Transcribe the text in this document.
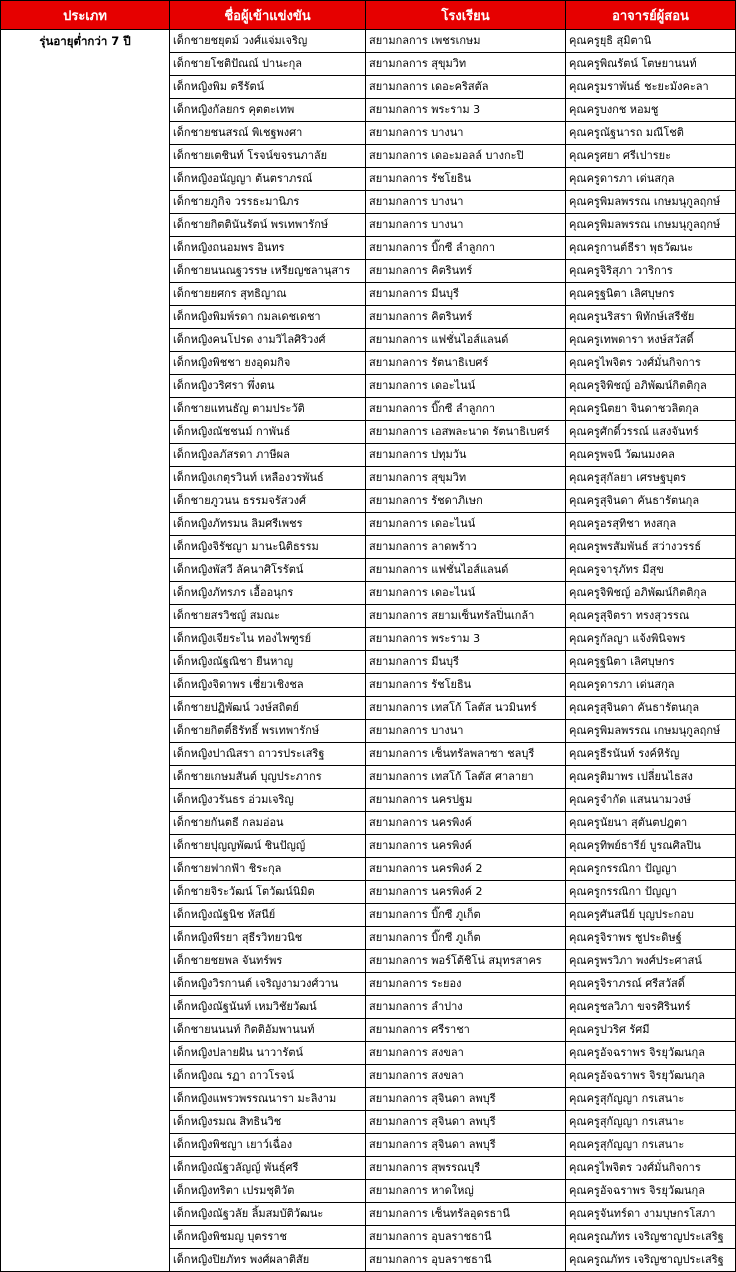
ประเภท	ชื่อผู้เข้าแข่งขัน	โรงเรียน	อาจารย์ผู้สอน
รุ่นอายุต่ำกว่า 7 ปี	เด็กชายชยุตม์ วงศ์แจ่มเจริญ	สยามกลการ เพชรเกษม	คุณครูยุธิ สุมิตานิ
	เด็กชายโชติปัณณ์ ปานะกุล	สยามกลการ สุขุมวิท	คุณครูพิณรัตน์ โตษยานนท์
	เด็กหญิงพิม ตรีรัตน์	สยามกลการ เดอะคริสตัล	คุณครูมราพันธ์ ชะยะมังคะลา
	เด็กหญิงกัลยกร คุตตะเทพ	สยามกลการ พระราม 3	คุณครูบงกช หอมชู
	เด็กชายชนสรณ์ พิเชฐพงศา	สยามกลการ บางนา	คุณครูณัฐนารถ มณีโชติ
	เด็กชายเตชินท์ โรจน์ขจรนภาลัย	สยามกลการ เดอะมอลล์ บางกะปิ	คุณครูศยา ศรีเปารยะ
	เด็กหญิงอนัญญา ต้นตราภรณ์	สยามกลการ รัชโยธิน	คุณครูดารภา เด่นสกุล
	เด็กชายภูกิจ วรรธะมานิภร	สยามกลการ บางนา	คุณครูพิมลพรรณ เกษมนุกูลฤกษ์
	เด็กชายกิตตินันรัตน์ พรเทพารักษ์	สยามกลการ บางนา	คุณครูพิมลพรรณ เกษมนุกูลฤกษ์
	เด็กหญิงถนอมพร อินทร	สยามกลการ บิ๊กซี ลำลูกกา	คุณครูกานต์ธีรา พุธวัฒนะ
	เด็กชายนนณฐวรรษ เหรียญชลานุสาร	สยามกลการ คิตรินทร์	คุณครูจิริสุภา วาริการ
	เด็กชายยศกร สุทธิญาณ	สยามกลการ มีนบุรี	คุณครูฐนิตา เลิศบุษกร
	เด็กหญิงพิมพ์รดา กมลเดชเดชา	สยามกลการ คิตรินทร์	คุณครูนริสรา พิทักษ์เสรีชัย
	เด็กหญิงคนโปรด งามวิไลศิริวงศ์	สยามกลการ แฟชั่นไอส์แลนด์	คุณครูเทพดารา หงษ์สวัสดิ์
	เด็กหญิงพิชชา ยงอุดมกิจ	สยามกลการ รัตนาธิเบศร์	คุณครูไพจิตร วงศ์มั่นกิจการ
	เด็กหญิงวริศรา พึ่งตน	สยามกลการ เดอะไนน์	คุณครูจิพิชญ์ อภิพัฒน์กิตติกุล
	เด็กชายแทนธัญ ตามประวัติ	สยามกลการ บิ๊กซี ลำลูกกา	คุณครูนิตยา จินดาชวลิตกุล
	เด็กหญิงณัชชนม์ กาพันธ์	สยามกลการ เอสพละนาด รัตนาธิเบศร์	คุณครูศักดิ์วรรณ์ แสงจันทร์
	เด็กหญิงลภัสรดา ภาษีผล	สยามกลการ ปทุมวัน	คุณครูพจนี วัฒนมงคล
	เด็กหญิงเกตุรวินท์ เหลืองวรพันธ์	สยามกลการ สุขุมวิท	คุณครูสุกัลยา เศรษฐบุตร
	เด็กชายภูวนน ธรรมจรัสวงศ์	สยามกลการ รัชดาภิเษก	คุณครูสุจินดา คันธารัตนกุล
	เด็กหญิงภัทรมน ลิมศรีเพชร	สยามกลการ เดอะไนน์	คุณครูอรสุทิชา หงสกุล
	เด็กหญิงจิรัชญา มานะนิติธรรม	สยามกลการ ลาดพร้าว	คุณครูพรสัมพันธ์ สว่างวรรธ์
	เด็กหญิงพัสวี ลัคนาศิโรรัตน์	สยามกลการ แฟชั่นไอส์แลนด์	คุณครูจารุภัทร มีสุข
	เด็กหญิงภัทรภร เอื้ออนุกร	สยามกลการ เดอะไนน์	คุณครูจิพิชญ์ อภิพัฒน์กิตติกุล
	เด็กชายสรวิชญ์ สมณะ	สยามกลการ สยามเซ็นทรัลปิ่นเกล้า	คุณครูสุจิตรา ทรงสุวรรณ
	เด็กหญิงเจียระไน ทองไพฑูรย์	สยามกลการ พระราม 3	คุณครูกัลญา แจ้งพินิจพร
	เด็กหญิงณัฐณิชา ยืนหาญ	สยามกลการ มีนบุรี	คุณครูฐนิตา เลิศบุษกร
	เด็กหญิงจิดาพร เชี่ยวเชิงชล	สยามกลการ รัชโยธิน	คุณครูดารภา เด่นสกุล
	เด็กชายปฏิพัฒน์ วงษ์สถิตย์	สยามกลการ เทสโก้ โลตัส นวมินทร์	คุณครูสุจินดา คันธารัตนกุล
	เด็กชายกิตติ์ธิรัทธิ์ พรเทพารักษ์	สยามกลการ บางนา	คุณครูพิมลพรรณ เกษมนุกูลฤกษ์
	เด็กหญิงปาณิสรา ถาวรประเสริฐ	สยามกลการ เซ็นทรัลพลาซา ชลบุรี	คุณครูธีรนันท์ รงค์หิรัญ
	เด็กชายเกษมสันต์ บุญประภากร	สยามกลการ เทสโก้ โลตัส ศาลายา	คุณครูติมาพร เปลี่ยนไธสง
	เด็กหญิงวรันธร อ่วมเจริญ	สยามกลการ นครปฐม	คุณครูจำกัด แสนนามวงษ์
	เด็กชายกันตธี กลมอ่อน	สยามกลการ นครพิงค์	คุณครูนัยนา สุตันตปฎตา
	เด็กชายปุญญพัฒน์ ชินปัญญ์	สยามกลการ นครพิงค์	คุณครูทิพย์ธารีย์ บูรณศิลปิน
	เด็กชายฟากฟ้า ชิระกุล	สยามกลการ นครพิงค์ 2	คุณครูกรรณิกา ปัญญา
	เด็กชายจิระวัฒน์ โตวัฒน์นิมิต	สยามกลการ นครพิงค์ 2	คุณครูกรรณิกา ปัญญา
	เด็กหญิงณัฐนิช หัสนีย์	สยามกลการ บิ๊กซี ภูเก็ต	คุณครูศันสนีย์ บุญประกอบ
	เด็กหญิงพีรยา สุธีรวิทยวนิช	สยามกลการ บิ๊กซี ภูเก็ต	คุณครูจิราพร ชูประดิษฐ์
	เด็กชายชยพล จันทร์พร	สยามกลการ พอร์โต้ชิโน่ สมุทรสาคร	คุณครูพรวิภา พงศ์ประศาสน์
	เด็กหญิงวิรกานต์ เจริญงามวงศ์วาน	สยามกลการ ระยอง	คุณครูจิราภรณ์ ศรีสวัสดิ์
	เด็กหญิงณัฐนันท์ เหมวิชัยวัฒน์	สยามกลการ ลำปาง	คุณครูชลวิภา ขจรศิรินทร์
	เด็กชายนนนท์ กิตติอัมพานนท์	สยามกลการ ศรีราชา	คุณครูปวริศ รัศมี
	เด็กหญิงปลายฝัน นาวารัตน์	สยามกลการ สงขลา	คุณครูอัจฉราพร จิรยุวัฒนกุล
	เด็กหญิงณ รฏา ถาวโรจน์	สยามกลการ สงขลา	คุณครูอัจฉราพร จิรยุวัฒนกุล
	เด็กหญิงแพรวพรรณนารา มะลิงาม	สยามกลการ สุจินดา ลพบุรี	คุณครูสุกัญญา กรเสนาะ
	เด็กหญิงรมณ สิทธินวิช	สยามกลการ สุจินดา ลพบุรี	คุณครูสุกัญญา กรเสนาะ
	เด็กหญิงพิชญา เยาว์เฉื่อง	สยามกลการ สุจินดา ลพบุรี	คุณครูสุกัญญา กรเสนาะ
	เด็กหญิงณัฐวลัญญ์ พันธุ์ศรี	สยามกลการ สุพรรณบุรี	คุณครูไพจิตร วงศ์มั่นกิจการ
	เด็กหญิงทริตา เปรมชุติวัต	สยามกลการ หาดใหญ่	คุณครูอัจฉราพร จิรยุวัฒนกุล
	เด็กหญิงณัฐวลัย ลิ้มสมบัติวัฒนะ	สยามกลการ เซ็นทรัลอุดรธานี	คุณครูจันทร์ดา งามบุษกรโสภา
	เด็กหญิงพิชมญ บุตรราช	สยามกลการ อุบลราชธานี	คุณครูณภัทร เจริญชาญประเสริฐ
	เด็กหญิงปิยภัทร พงศ์ผลาติสัย	สยามกลการ อุบลราชธานี	คุณครูณภัทร เจริญชาญประเสริฐ
